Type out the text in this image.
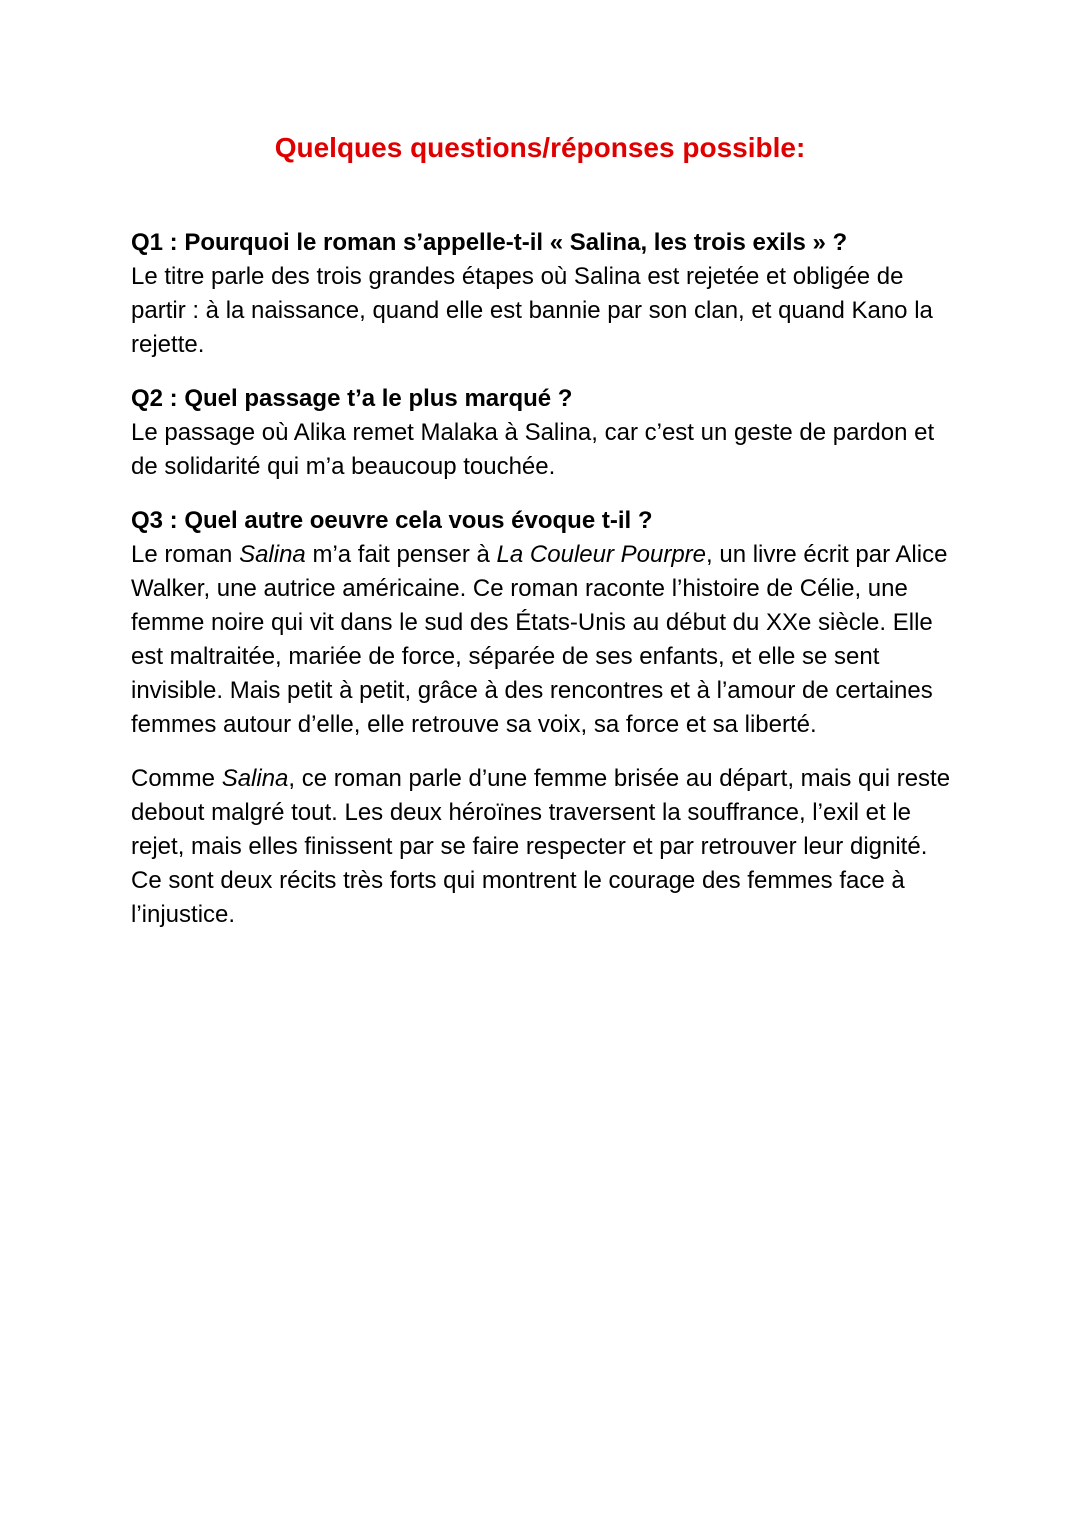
Quelques questions/réponses possible:

Q1 : Pourquoi le roman s’appelle-t-il « Salina, les trois exils » ?

Le titre parle des trois grandes étapes où Salina est rejetée et obligée de partir : à la naissance, quand elle est bannie par son clan, et quand Kano la rejette.

Q2 : Quel passage t’a le plus marqué ?

Le passage où Alika remet Malaka à Salina, car c’est un geste de pardon et de solidarité qui m’a beaucoup touchée.

Q3 : Quel autre oeuvre cela vous évoque t-il ?

Le roman Salina m’a fait penser à La Couleur Pourpre, un livre écrit par Alice Walker, une autrice américaine. Ce roman raconte l’histoire de Célie, une femme noire qui vit dans le sud des États-Unis au début du XXe siècle. Elle est maltraitée, mariée de force, séparée de ses enfants, et elle se sent invisible. Mais petit à petit, grâce à des rencontres et à l’amour de certaines femmes autour d’elle, elle retrouve sa voix, sa force et sa liberté.

Comme Salina, ce roman parle d’une femme brisée au départ, mais qui reste debout malgré tout. Les deux héroïnes traversent la souffrance, l’exil et le rejet, mais elles finissent par se faire respecter et par retrouver leur dignité. Ce sont deux récits très forts qui montrent le courage des femmes face à l’injustice.
